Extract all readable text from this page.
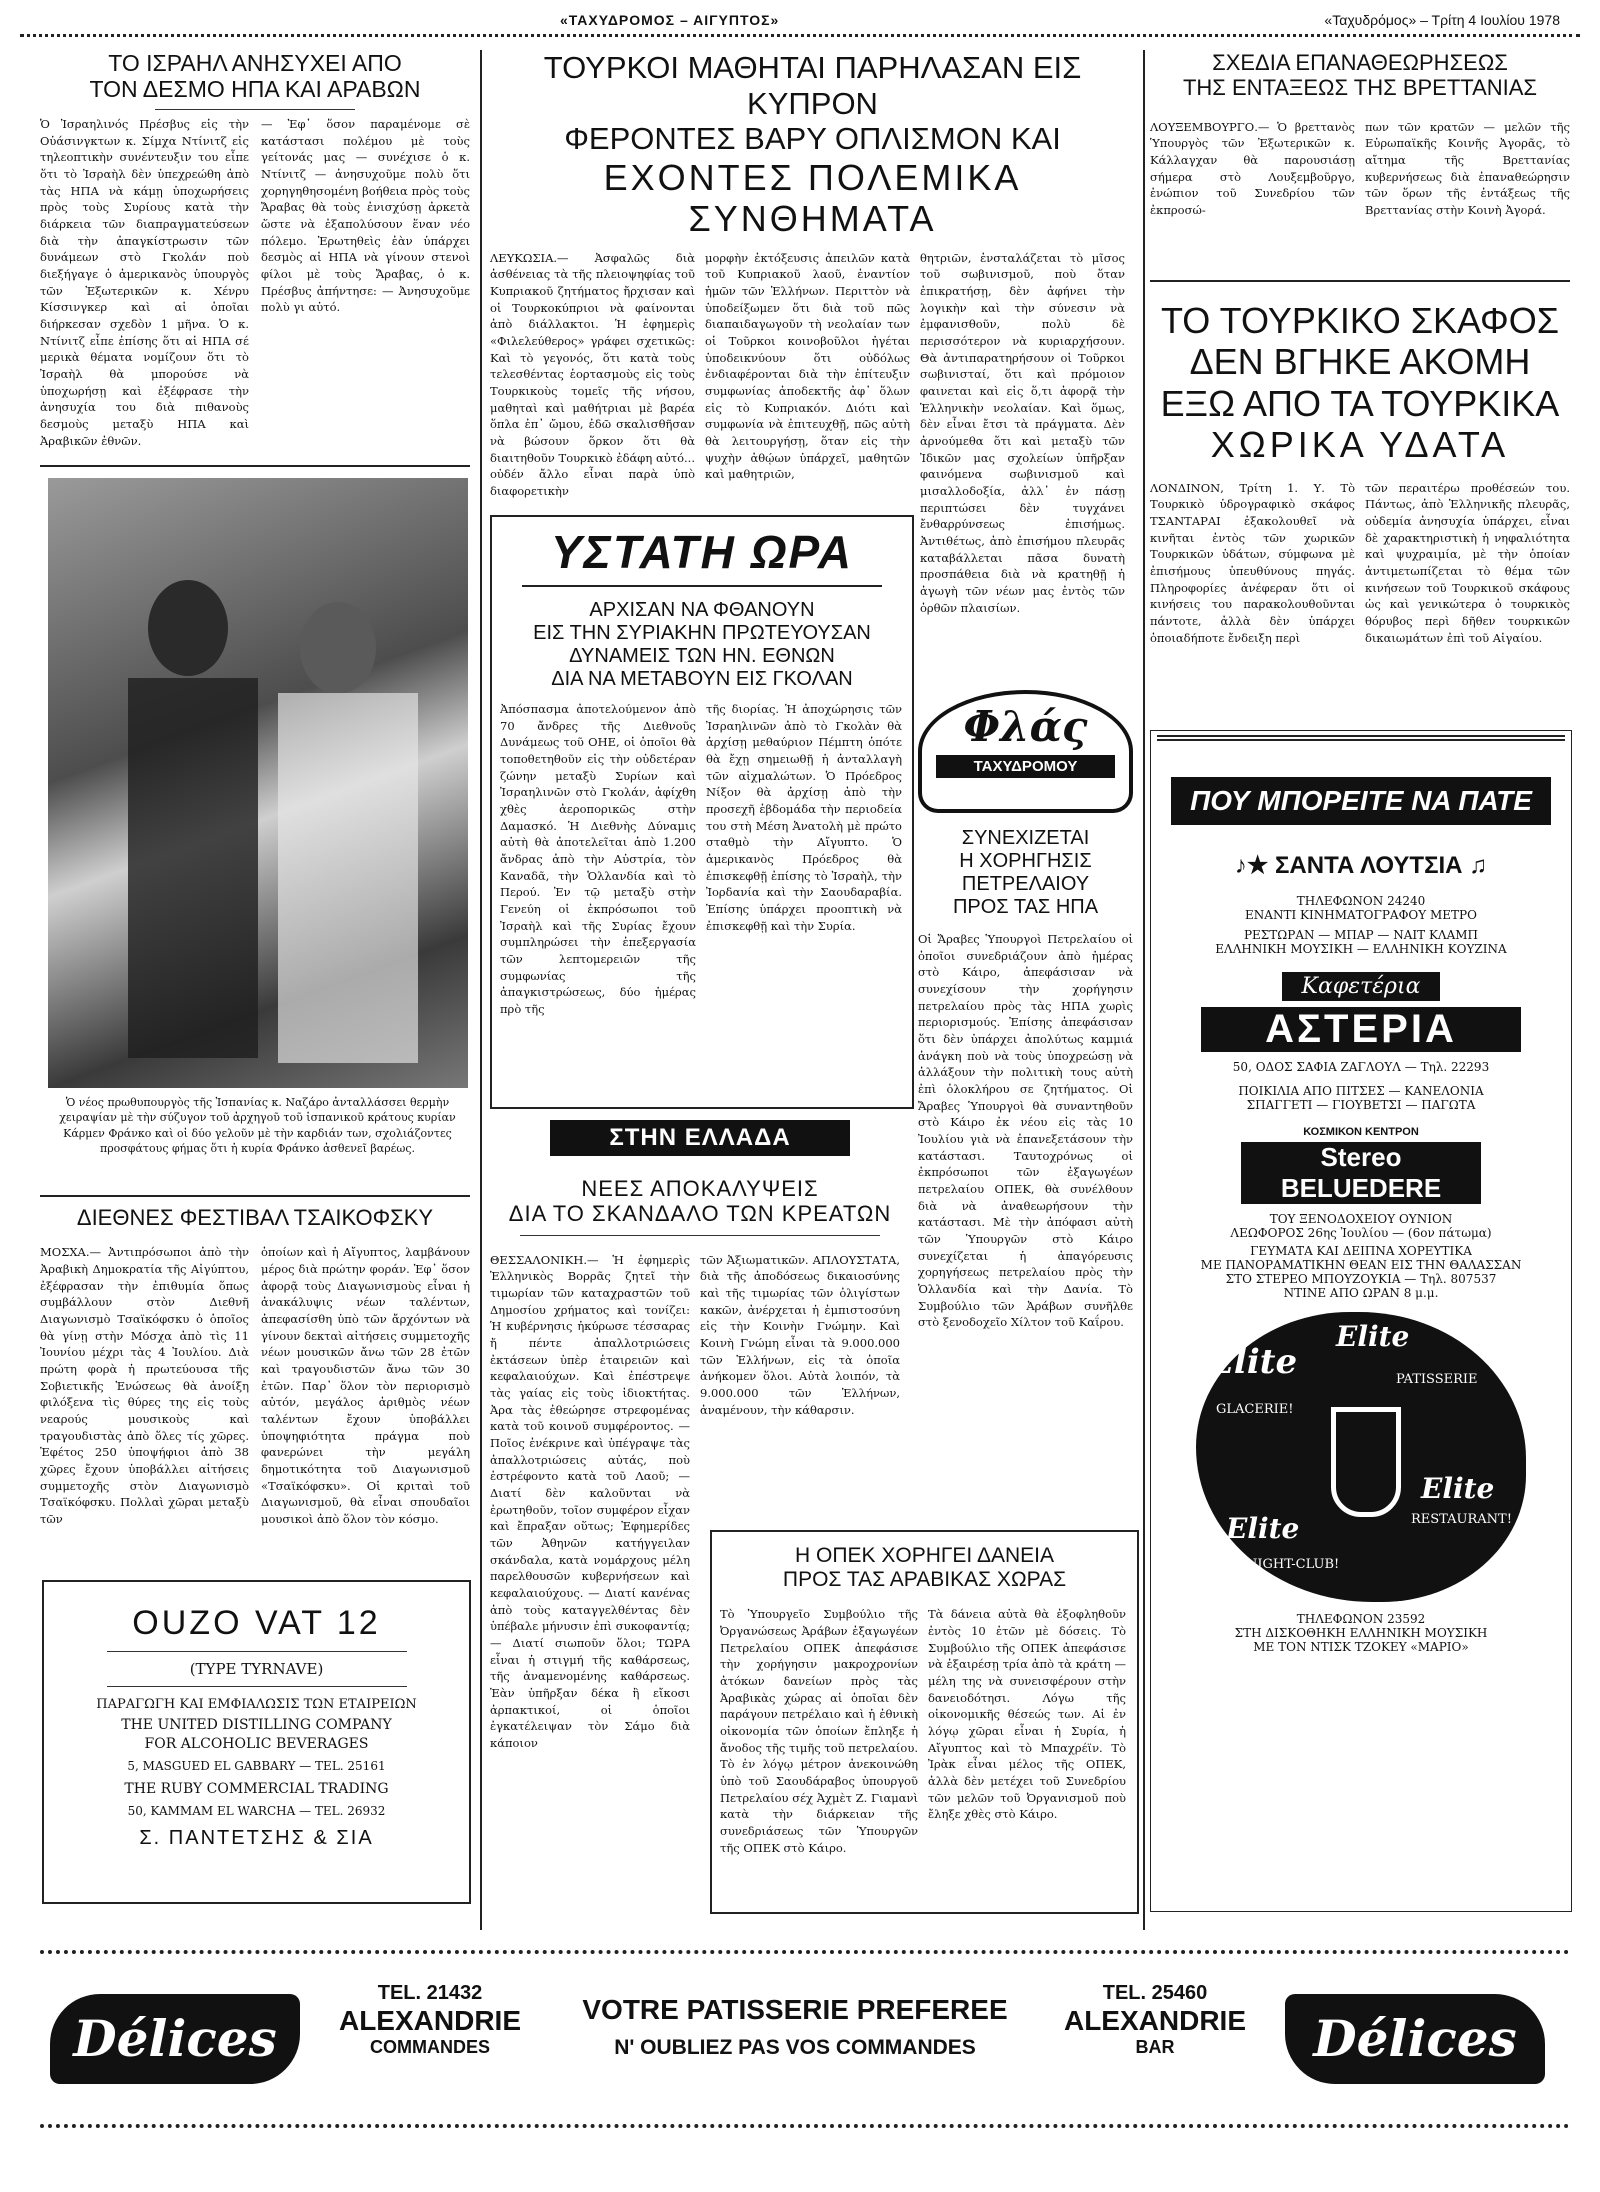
«ΤΑΧΥΔΡΟΜΟΣ – ΑΙΓΥΠΤΟΣ»	«Ταχυδρόμος» – Τρίτη 4 Ιουλίου 1978
ΤΟ ΙΣΡΑΗΛ ΑΝΗΣΥΧΕΙ ΑΠΟ
ΤΟΝ ΔΕΣΜΟ ΗΠΑ ΚΑΙ ΑΡΑΒΩΝ
Ὁ Ἰσραηλινός Πρέσβυς εἰς τὴν Οὐάσινγκτων κ. Σίμχα Ντίνιτζ εἰς τηλεοπτικὴν συνέντευξιν του εἶπε ὅτι τὸ Ἰσραὴλ δὲν ὑπεχρεώθη ἀπὸ τὰς ΗΠΑ νὰ κάμῃ ὑποχωρήσεις πρὸς τοὺς Συρίους κατὰ τὴν διάρκεια τῶν διαπραγματεύσεων διὰ τὴν ἀπαγκίστρωσιν τῶν δυνάμεων στὸ Γκολάν ποὺ διεξήγαγε ὁ ἀμερικανὸς ὑπουργὸς τῶν Ἐξωτερικῶν κ. Χένρυ Κίσσινγκερ καὶ αἱ ὁποῖαι διήρκεσαν σχεδὸν 1 μῆνα. Ὁ κ. Ντίνιτζ εἶπε ἐπίσης ὅτι αἱ ΗΠΑ σέ μερικὰ θέματα νομίζουν ὅτι τὸ Ἰσραὴλ θὰ μπορούσε νὰ ὑποχωρήσῃ καὶ ἐξέφρασε τὴν ἀνησυχία του διὰ πιθανοὺς δεσμοὺς μεταξὺ ΗΠΑ καὶ Ἀραβικῶν ἐθνῶν.
— Ἐφ᾽ ὅσον παραμένομε σὲ κατάστασι πολέμου μὲ τοὺς γείτονάς μας — συνέχισε ὁ κ. Ντίνιτζ — ἀνησυχοῦμε πολὺ ὅτι χορηγηθησομένη βοήθεια πρὸς τοὺς Ἄραβας θὰ τοὺς ἐνισχύσῃ ἀρκετὰ ὥστε νὰ ἐξαπολύσουν ἕναν νέο πόλεμο. Ἐρωτηθεὶς ἐὰν ὑπάρχει δεσμὸς αἱ ΗΠΑ νὰ γίνουν στενοὶ φίλοι μὲ τοὺς Ἄραβας, ὁ κ. Πρέσβυς ἀπήντησε: — Ἀνησυχοῦμε πολὺ γι αὐτό.
Ὁ νέος πρωθυπουργὸς τῆς Ἱσπανίας κ. Ναζάρο ἀνταλλάσσει θερμὴν χειραψίαν μὲ τὴν σύζυγον τοῦ ἀρχηγοῦ τοῦ ἰσπανικοῦ κράτους κυρίαν Κάρμεν Φράνκο καὶ οἱ δύο γελοῦν μὲ τὴν καρδιάν των, σχολιάζοντες προσφάτους φήμας ὅτι ἡ κυρία Φράνκο ἀσθενεῖ βαρέως.
ΔΙΕΘΝΕΣ ΦΕΣΤΙΒΑΛ ΤΣΑΙΚΟΦΣΚΥ
ΜΟΣΧΑ.— Ἀντιπρόσωποι ἀπὸ τὴν Ἀραβικὴ Δημοκρατία τῆς Αἰγύπτου, ἐξέφρασαν τὴν ἐπιθυμία ὅπως συμβάλλουν στὸν Διεθνῆ Διαγωνισμὸ Τσαϊκόφσκυ ὁ ὁποῖος θὰ γίνῃ στὴν Μόσχα ἀπὸ τὶς 11 Ἰουνίου μέχρι τὰς 4 Ἰουλίου. Διὰ πρώτη φορὰ ἡ πρωτεύουσα τῆς Σοβιετικῆς Ἑνώσεως θὰ ἀνοίξη φιλόξενα τὶς θύρες της εἰς τοὺς νεαρούς μουσικοὺς καὶ τραγουδιστὰς ἀπὸ ὅλες τίς χῶρες. Ἐφέτος 250 ὑποψήφιοι ἀπὸ 38 χῶρες ἔχουν ὑποβάλλει αἰτήσεις συμμετοχῆς στὸν Διαγωνισμὸ Τσαϊκόφσκυ. Πολλαὶ χῶραι μεταξὺ τῶν
ὁποίων καὶ ἡ Αἴγυπτος, λαμβάνουν μέρος διὰ πρώτην φοράν. Ἐφ᾽ ὅσον ἀφορᾷ τοὺς Διαγωνισμοὺς εἶναι ἡ ἀνακάλυψις νέων ταλέντων, ἀπεφασίσθη ὑπὸ τῶν ἄρχόντων νὰ γίνουν δεκταὶ αἰτήσεις συμμετοχῆς νέων μουσικῶν ἄνω τῶν 28 ἐτῶν καὶ τραγουδιστῶν ἄνω τῶν 30 ἐτῶν. Παρ᾽ ὅλον τὸν περιορισμὸ αὐτόν, μεγάλος ἀριθμὸς νέων ταλέντων ἔχουν ὑποβάλλει ὑποψηφιότητα πράγμα ποὺ φανερώνει τὴν μεγάλη δημοτικότητα τοῦ Διαγωνισμοῦ «Τσαϊκόφσκυ». Οἱ κριταὶ τοῦ Διαγωνισμοῦ, θὰ εἶναι σπουδαῖοι μουσικοὶ ἀπὸ ὅλον τὸν κόσμο.

OUZO VAT 12

(TYPE TYRNAVE)

ΠΑΡΑΓΩΓΗ ΚΑΙ ΕΜΦΙΑΛΩΣΙΣ ΤΩΝ ΕΤΑΙΡΕΙΩΝ

THE UNITED DISTILLING COMPANY

FOR ALCOHOLIC BEVERAGES

5, MASGUED EL GABBARY — TEL. 25161

THE RUBY COMMERCIAL TRADING

50, KAMMAM EL WARCHA — TEL. 26932

Σ. ΠΑΝΤΕΤΣΗΣ & ΣΙΑ

ΤΟΥΡΚΟΙ ΜΑΘΗΤΑΙ ΠΑΡΗΛΑΣΑΝ ΕΙΣ ΚΥΠΡΟΝ
ΦΕΡΟΝΤΕΣ ΒΑΡΥ ΟΠΛΙΣΜΟΝ ΚΑΙ
ΕΧΟΝΤΕΣ ΠΟΛΕΜΙΚΑ ΣΥΝΘΗΜΑΤΑ
ΛΕΥΚΩΣΙΑ.— Ἀσφαλῶς διὰ ἀσθένειας τὰ τῆς πλειοψηφίας τοῦ Κυπριακοῦ ζητήματος ἤρχισαν καὶ οἱ Τουρκοκύπριοι νὰ φαίνονται ἀπὸ διάλλακτοι. Ἡ ἐφημερὶς «Φιλελεύθερος» γράφει σχετικῶς: Καὶ τὸ γεγονός, ὅτι κατὰ τοὺς τελεσθέντας ἑορτασμοὺς εἰς τοὺς Τουρκικοὺς τομεῖς τῆς νήσου, μαθηταὶ καὶ μαθήτριαι μὲ βαρέα ὅπλα ἐπ᾽ ὤμου, ἐδῶ σκαλισθῆσαν νὰ βώσουν ὅρκον ὅτι θὰ διαιτηθοῦν Τουρκικὸ ἐδάφη αὐτό... οὐδέν ἄλλο εἶναι παρὰ ὑπὸ διαφορετικὴν
μορφὴν ἐκτόξευσις ἀπειλῶν κατὰ τοῦ Κυπριακοῦ λαοῦ, ἐναντίον ἡμῶν τῶν Ἑλλήνων. Περιττὸν νὰ ὑποδείξωμεν ὅτι διὰ τοῦ πῶς διαπαιδαγωγοῦν τὴ νεολαίαν των οἱ Τοῦρκοι κοινοβοῦλοι ἠγέται ὑποδεικνύουν ὅτι οὐδόλως ἐνδιαφέρονται διὰ τὴν ἐπίτευξιν συμφωνίας ἀποδεκτῆς ἀφ᾽ ὅλων εἰς τὸ Κυπριακόν. Διότι καὶ συμφωνία νὰ ἐπιτευχθῇ, πῶς αὐτὴ θὰ λειτουργήσῃ, ὅταν εἰς τὴν ψυχὴν ἀθῴων ὑπάρχεῖ, μαθητῶν καὶ μαθητριῶν,
θητριῶν, ἐνσταλάζεται τὸ μῖσος τοῦ σωβινισμοῦ, ποὺ ὅταν ἐπικρατήσῃ, δὲν ἀφήνει τὴν λογικὴν καὶ τὴν σύνεσιν νὰ ἐμφανισθοῦν, πολὺ δὲ περισσότερον νὰ κυριαρχήσουν. Θὰ ἀντιπαρατηρήσουν οἱ Τοῦρκοι σωβινισταί, ὅτι καὶ πρόμοιον φαινεται καὶ εἰς ὅ,τι ἀφορᾷ τὴν Ἑλληνικὴν νεολαίαν. Καὶ ὅμως, δὲν εἶναι ἔτσι τὰ πράγματα. Δὲν ἀρνούμεθα ὅτι καὶ μεταξὺ τῶν Ἰδικῶν μας σχολείων ὑπῆρξαν φαινόμενα σωβινισμοῦ καὶ μισαλλοδοξία, ἀλλ᾽ ἐν πάσῃ περιπτώσει δὲν τυγχάνει ἔνθαρρύνσεως ἐπισήμως. Ἀντιθέτως, ἀπὸ ἐπισήμου πλευρᾶς καταβάλλεται πᾶσα δυνατὴ προσπάθεια διὰ νὰ κρατηθῇ ἡ ἀγωγὴ τῶν νέων μας ἐντὸς τῶν ὀρθῶν πλαισίων.
ΥΣΤΑΤΗ ΩΡΑ
ΑΡΧΙΣΑΝ ΝΑ ΦΘΑΝΟΥΝ
ΕΙΣ ΤΗΝ ΣΥΡΙΑΚΗΝ ΠΡΩΤΕΥΟΥΣΑΝ
ΔΥΝΑΜΕΙΣ ΤΩΝ ΗΝ. ΕΘΝΩΝ
ΔΙΑ ΝΑ ΜΕΤΑΒΟΥΝ ΕΙΣ ΓΚΟΛΑΝ
Ἀπόσπασμα ἀποτελούμενον ἀπὸ 70 ἄνδρες τῆς Διεθνοῦς Δυνάμεως τοῦ ΟΗΕ, οἱ ὁποῖοι θὰ τοποθετηθοῦν εἰς τὴν οὐδετέραν ζώνην μεταξὺ Συρίων καὶ Ἰσραηλινῶν στὸ Γκολάν, ἀφίχθη χθὲς ἀεροπορικῶς στὴν Δαμασκό. Ἡ Διεθνὴς Δύναμις αὐτὴ θὰ ἀποτελεῖται ἀπὸ 1.200 ἄνδρας ἀπὸ τὴν Αὐστρία, τὸν Καναδᾶ, τὴν Ὁλλανδία καὶ τὸ Περού. Ἐν τῷ μεταξὺ στὴν Γενεύη οἱ ἐκπρόσωποι τοῦ Ἰσραὴλ καὶ τῆς Συρίας ἔχουν συμπληρώσει τὴν ἐπεξεργασία τῶν λεπτομερειῶν τῆς συμφωνίας τῆς ἀπαγκιστρώσεως, δύο ἡμέρας πρὸ τῆς
τῆς διορίας. Ἡ ἀποχώρησις τῶν Ἰσραηλινῶν ἀπὸ τὸ Γκολὰν θὰ ἀρχίσῃ μεθαύριον Πέμπτη ὁπότε θὰ ἔχῃ σημειωθῇ ἡ ἀνταλλαγὴ τῶν αἰχμαλώτων. Ὁ Πρόεδρος Νίξον θὰ ἀρχίσῃ ἀπὸ τὴν προσεχῆ ἑβδομάδα τὴν περιοδεία του στὴ Μέση Ἀνατολὴ μὲ πρώτο σταθμὸ τὴν Αἴγυπτο. Ὁ ἀμερικανὸς Πρόεδρος θὰ ἐπισκεφθῇ ἐπίσης τὸ Ἰσραὴλ, τὴν Ἰορδανία καὶ τὴν Σαουδαραβία. Ἐπίσης ὑπάρχει προοπτικὴ νὰ ἐπισκεφθῇ καὶ τὴν Συρία.
Φλάς
ΤΑΧΥΔΡΟΜΟΥ
ΣΥΝΕΧΙΖΕΤΑΙ
Η ΧΟΡΗΓΗΣΙΣ
ΠΕΤΡΕΛΑΙΟΥ
ΠΡΟΣ ΤΑΣ ΗΠΑ
Οἱ Ἄραβες Ὑπουργοὶ Πετρελαίου οἱ ὁποῖοι συνεδριάζουν ἀπὸ ἡμέρας στὸ Κάιρο, ἀπεφάσισαν νὰ συνεχίσουν τὴν χορήγησιν πετρελαίου πρὸς τὰς ΗΠΑ χωρὶς περιορισμούς. Ἐπίσης ἀπεφάσισαν ὅτι δὲν ὑπάρχει ἀπολύτως καμμιά ἀνάγκη ποὺ νὰ τοὺς ὑποχρεώσῃ νὰ ἀλλάξουν τὴν πολιτικὴ τους αὐτὴ ἐπὶ ὁλοκλήρου σε ζητήματος. Οἱ Ἄραβες Ὑπουργοὶ θὰ συναντηθοῦν στὸ Κάιρο ἐκ νέου εἰς τὰς 10 Ἰουλίου γιὰ νὰ ἐπανεξετάσουν τὴν κατάστασι. Ταυτοχρόνως οἱ ἐκπρόσωποι τῶν ἐξαγωγέων πετρελαίου ΟΠΕΚ, θὰ συνέλθουν διὰ νὰ ἀναθεωρήσουν τὴν κατάστασι. Μὲ τὴν ἀπόφασι αὐτὴ τῶν Ὑπουργῶν στὸ Κάιρο συνεχίζεται ἡ ἀπαγόρευσις χορηγήσεως πετρελαίου πρὸς τὴν Ὁλλανδία καὶ τὴν Δανία. Τὸ Συμβούλιο τῶν Ἀράβων συνῆλθε στὸ ξενοδοχεῖο Χίλτον τοῦ Καΐρου.
ΣΤΗΝ ΕΛΛΑΔΑ
ΝΕΕΣ ΑΠΟΚΑΛΥΨΕΙΣ
ΔΙΑ ΤΟ ΣΚΑΝΔΑΛΟ ΤΩΝ ΚΡΕΑΤΩΝ
ΘΕΣΣΑΛΟΝΙΚΗ.— Ἡ ἐφημερὶς Ἑλληνικὸς Βορρᾶς ζητεῖ τὴν τιμωρίαν τῶν καταχραστῶν τοῦ Δημοσίου χρήματος καὶ τονίζει: Ἡ κυβέρνησις ἠκύρωσε τέσσαρας ἤ πέντε ἀπαλλοτριώσεις ἐκτάσεων ὑπὲρ ἑταιρειῶν καὶ κεφαλαιούχων. Καὶ ἐπέστρεψε τὰς γαίας εἰς τοὺς ἰδιοκτήτας. Ἀρα τὰς ἐθεώρησε στρεφομένας κατὰ τοῦ κοινοῦ συμφέροντος. — Ποῖος ἐνέκρινε καὶ ὑπέγραψε τὰς ἀπαλλοτριώσεις αὐτάς, ποὺ ἐστρέφοντο κατὰ τοῦ Λαοῦ; — Διατί δὲν καλοῦνται νὰ ἐρωτηθοῦν, τοῖον συμφέρον εἶχαν καὶ ἔπραξαν οὕτως; Ἐφημερίδες τῶν Ἀθηνῶν κατήγγειλαν σκάνδαλα, κατὰ νομάρχους μέλη παρελθουσῶν κυβερνήσεων καὶ κεφαλαιούχους. — Διατί κανένας ἀπὸ τοὺς καταγγελθέντας δὲν ὑπέβαλε μήνυσιν ἐπὶ συκοφαντίᾳ; — Διατί σιωποῦν ὅλοι; ΤΩΡΑ εἶναι ἡ στιγμή τῆς καθάρσεως, τῆς ἀναμενομένης καθάρσεως. Ἐὰν ὑπῆρξαν δέκα ἢ εἴκοσι ἀρπακτικοί, οἱ ὁποῖοι ἐγκατέλειψαν τὸν Σάμο διὰ κάποιον
τῶν Ἀξιωματικῶν. ΑΠΛΟΥΣΤΑΤΑ, διὰ τῆς ἀποδόσεως δικαιοσύνης καὶ τῆς τιμωρίας τῶν ὀλιγίστων κακῶν, ἀνέρχεται ἡ ἐμπιστοσύνη εἰς τὴν Κοινὴν Γνώμην. Καὶ Κοινὴ Γνώμη εἶναι τὰ 9.000.000 τῶν Ἑλλήνων, εἰς τὰ ὁποῖα ἀνήκομεν ὅλοι. Αὐτὰ λοιπόν, τὰ 9.000.000 τῶν Ἑλλήνων, ἀναμένουν, τὴν κάθαρσιν.
Η ΟΠΕΚ ΧΟΡΗΓΕΙ ΔΑΝΕΙΑ
ΠΡΟΣ ΤΑΣ ΑΡΑΒΙΚΑΣ ΧΩΡΑΣ
Τὸ Ὑπουργεῖο Συμβούλιο τῆς Ὀργανώσεως Ἀράβων ἐξαγωγέων Πετρελαίου ΟΠΕΚ ἀπεφάσισε τὴν χορήγησιν μακροχρονίων ἀτόκων δανείων πρὸς τὰς Ἀραβικὰς χώρας αἱ ὁποῖαι δὲν παράγουν πετρέλαιο καὶ ἡ ἐθνικὴ οἰκονομία τῶν ὁποίων ἔπληξε ἡ ἄνοδος τῆς τιμῆς τοῦ πετρελαίου. Τὸ ἐν λόγῳ μέτρον ἀνεκοινώθη ὑπὸ τοῦ Σαουδάραβος ὑπουργοῦ Πετρελαίου σέχ Ἀχμὲτ Ζ. Γιαμανὶ κατὰ τὴν διάρκειαν τῆς συνεδριάσεως τῶν Ὑπουργῶν τῆς ΟΠΕΚ στὸ Κάιρο.
Τὰ δάνεια αὐτὰ θὰ ἐξοφληθοῦν ἐντὸς 10 ἐτῶν μὲ δόσεις. Τὸ Συμβούλιο τῆς ΟΠΕΚ ἀπεφάσισε νὰ ἐξαιρέσῃ τρία ἀπὸ τὰ κράτη — μέλη της νὰ συνεισφέρουν στὴν δανειοδότησι. Λόγω τῆς οἰκονομικῆς θέσεώς των. Αἱ ἐν λόγῳ χῶραι εἶναι ἡ Συρία, ἡ Αἴγυπτος καὶ τὸ Μπαχρέϊν. Τὸ Ἰρὰκ εἶναι μέλος τῆς ΟΠΕΚ, ἀλλὰ δὲν μετέχει τοῦ Συνεδρίου τῶν μελῶν τοῦ Ὀργανισμοῦ ποὺ ἔληξε χθὲς στὸ Κάιρο.
ΣΧΕΔΙΑ ΕΠΑΝΑΘΕΩΡΗΣΕΩΣ
ΤΗΣ ΕΝΤΑΞΕΩΣ ΤΗΣ ΒΡΕΤΤΑΝΙΑΣ
ΛΟΥΞΕΜΒΟΥΡΓΟ.— Ὁ βρεττανὸς Ὑπουργὸς τῶν Ἐξωτερικῶν κ. Κάλλαγχαν θὰ παρουσιάσῃ σήμερα στὸ Λουξεμβοῦργο, ἐνώπιον τοῦ Συνεδρίου τῶν ἐκπροσώ-
πων τῶν κρατῶν — μελῶν τῆς Εὐρωπαϊκῆς Κοινῆς Ἀγορᾶς, τὸ αἴτημα τῆς Βρεττανίας κυβερνήσεως διὰ ἐπαναθεώρησιν τῶν ὅρων τῆς ἐντάξεως τῆς Βρεττανίας στὴν Κοινὴ Ἀγορά.
ΤΟ ΤΟΥΡΚΙΚΟ ΣΚΑΦΟΣ
ΔΕΝ ΒΓΗΚΕ ΑΚΟΜΗ
ΕΞΩ ΑΠΟ ΤΑ ΤΟΥΡΚΙΚΑ
ΧΩΡΙΚΑ ΥΔΑΤΑ
ΛΟΝΔΙΝΟΝ, Τρίτη 1. Υ. Τὸ Τουρκικὸ ὑδρογραφικὸ σκάφος ΤΣΑΝΤΑΡΑΙ ἐξακολουθεῖ νὰ κινῆται ἐντὸς τῶν χωρικῶν Τουρκικῶν ὑδάτων, σύμφωνα μὲ ἐπισήμους ὑπευθύνους πηγάς. Πληροφορίες ἀνέφεραν ὅτι οἱ κινήσεις του παρακολουθοῦνται πάντοτε, ἀλλὰ δὲν ὑπάρχει ὁποιαδήποτε ἔνδειξη περὶ
τῶν περαιτέρω προθέσεών του. Πάντως, ἀπὸ Ἑλληνικῆς πλευρᾶς, οὐδεμία ἀνησυχία ὑπάρχει, εἶναι δὲ χαρακτηριστικὴ ἡ νηφαλιότητα καὶ ψυχραιμία, μὲ τὴν ὁποίαν ἀντιμετωπίζεται τὸ θέμα τῶν κινήσεων τοῦ Τουρκικοῦ σκάφους ὡς καὶ γενικώτερα ὁ τουρκικὸς θόρυβος περὶ δῆθεν τουρκικῶν δικαιωμάτων ἐπὶ τοῦ Αἰγαίου.
ΠΟΥ ΜΠΟΡΕΙΤΕ ΝΑ ΠΑΤΕ

♪★ ΣΑΝΤΑ ΛΟΥΤΣΙΑ ♫

ΤΗΛΕΦΩΝΟΝ 24240

ΕΝΑΝΤΙ ΚΙΝΗΜΑΤΟΓΡΑΦΟΥ ΜΕΤΡΟ

ΡΕΣΤΩΡΑΝ — ΜΠΑΡ — ΝΑΙΤ ΚΛΑΜΠ

ΕΛΛΗΝΙΚΗ ΜΟΥΣΙΚΗ — ΕΛΛΗΝΙΚΗ ΚΟΥΖΙΝΑ

Καφετέρια

ΑΣΤΕΡΙΑ

50, ΟΔΟΣ ΣΑΦΙΑ ΖΑΓΛΟΥΛ — Τηλ. 22293

ΠΟΙΚΙΛΙΑ ΑΠΟ ΠΙΤΣΕΣ — ΚΑΝΕΛΟΝΙΑ

ΣΠΑΓΓΕΤΙ — ΓΙΟΥΒΕΤΣΙ — ΠΑΓΩΤΑ

ΚΟΣΜΙΚΟΝ ΚΕΝΤΡΟΝ

Stereo BELUEDERE

ΤΟΥ ΞΕΝΟΔΟΧΕΙΟΥ ΟΥΝΙΟΝ

ΛΕΩΦΟΡΟΣ 26ης Ἰουλίου — (6ον πάτωμα)

ΓΕΥΜΑΤΑ ΚΑΙ ΔΕΙΠΝΑ ΧΟΡΕΥΤΙΚΑ

ΜΕ ΠΑΝΟΡΑΜΑΤΙΚΗΝ ΘΕΑΝ ΕΙΣ ΤΗΝ ΘΑΛΑΣΣΑΝ

ΣΤΟ ΣΤΕΡΕΟ ΜΠΟΥΖΟΥΚΙΑ — Τηλ. 807537

ΝΤΙΝΕ ΑΠΟ ΩΡΑΝ 8 μ.μ.

Elite
GLACERIE!
Elite
PATISSERIE
Elite
RESTAURANT!
Elite
NIGHT-CLUB!

ΤΗΛΕΦΩΝΟΝ 23592

ΣΤΗ ΔΙΣΚΟΘΗΚΗ ΕΛΛΗΝΙΚΗ ΜΟΥΣΙΚΗ

ΜΕ ΤΟΝ ΝΤΙΣΚ ΤΖΟΚΕΥ «ΜΑΡΙΟ»

Délices
TEL. 21432
ALEXANDRIE
COMMANDES
VOTRE PATISSERIE PREFEREE
N' OUBLIEZ PAS VOS COMMANDES
TEL. 25460
ALEXANDRIE
BAR	Délices
